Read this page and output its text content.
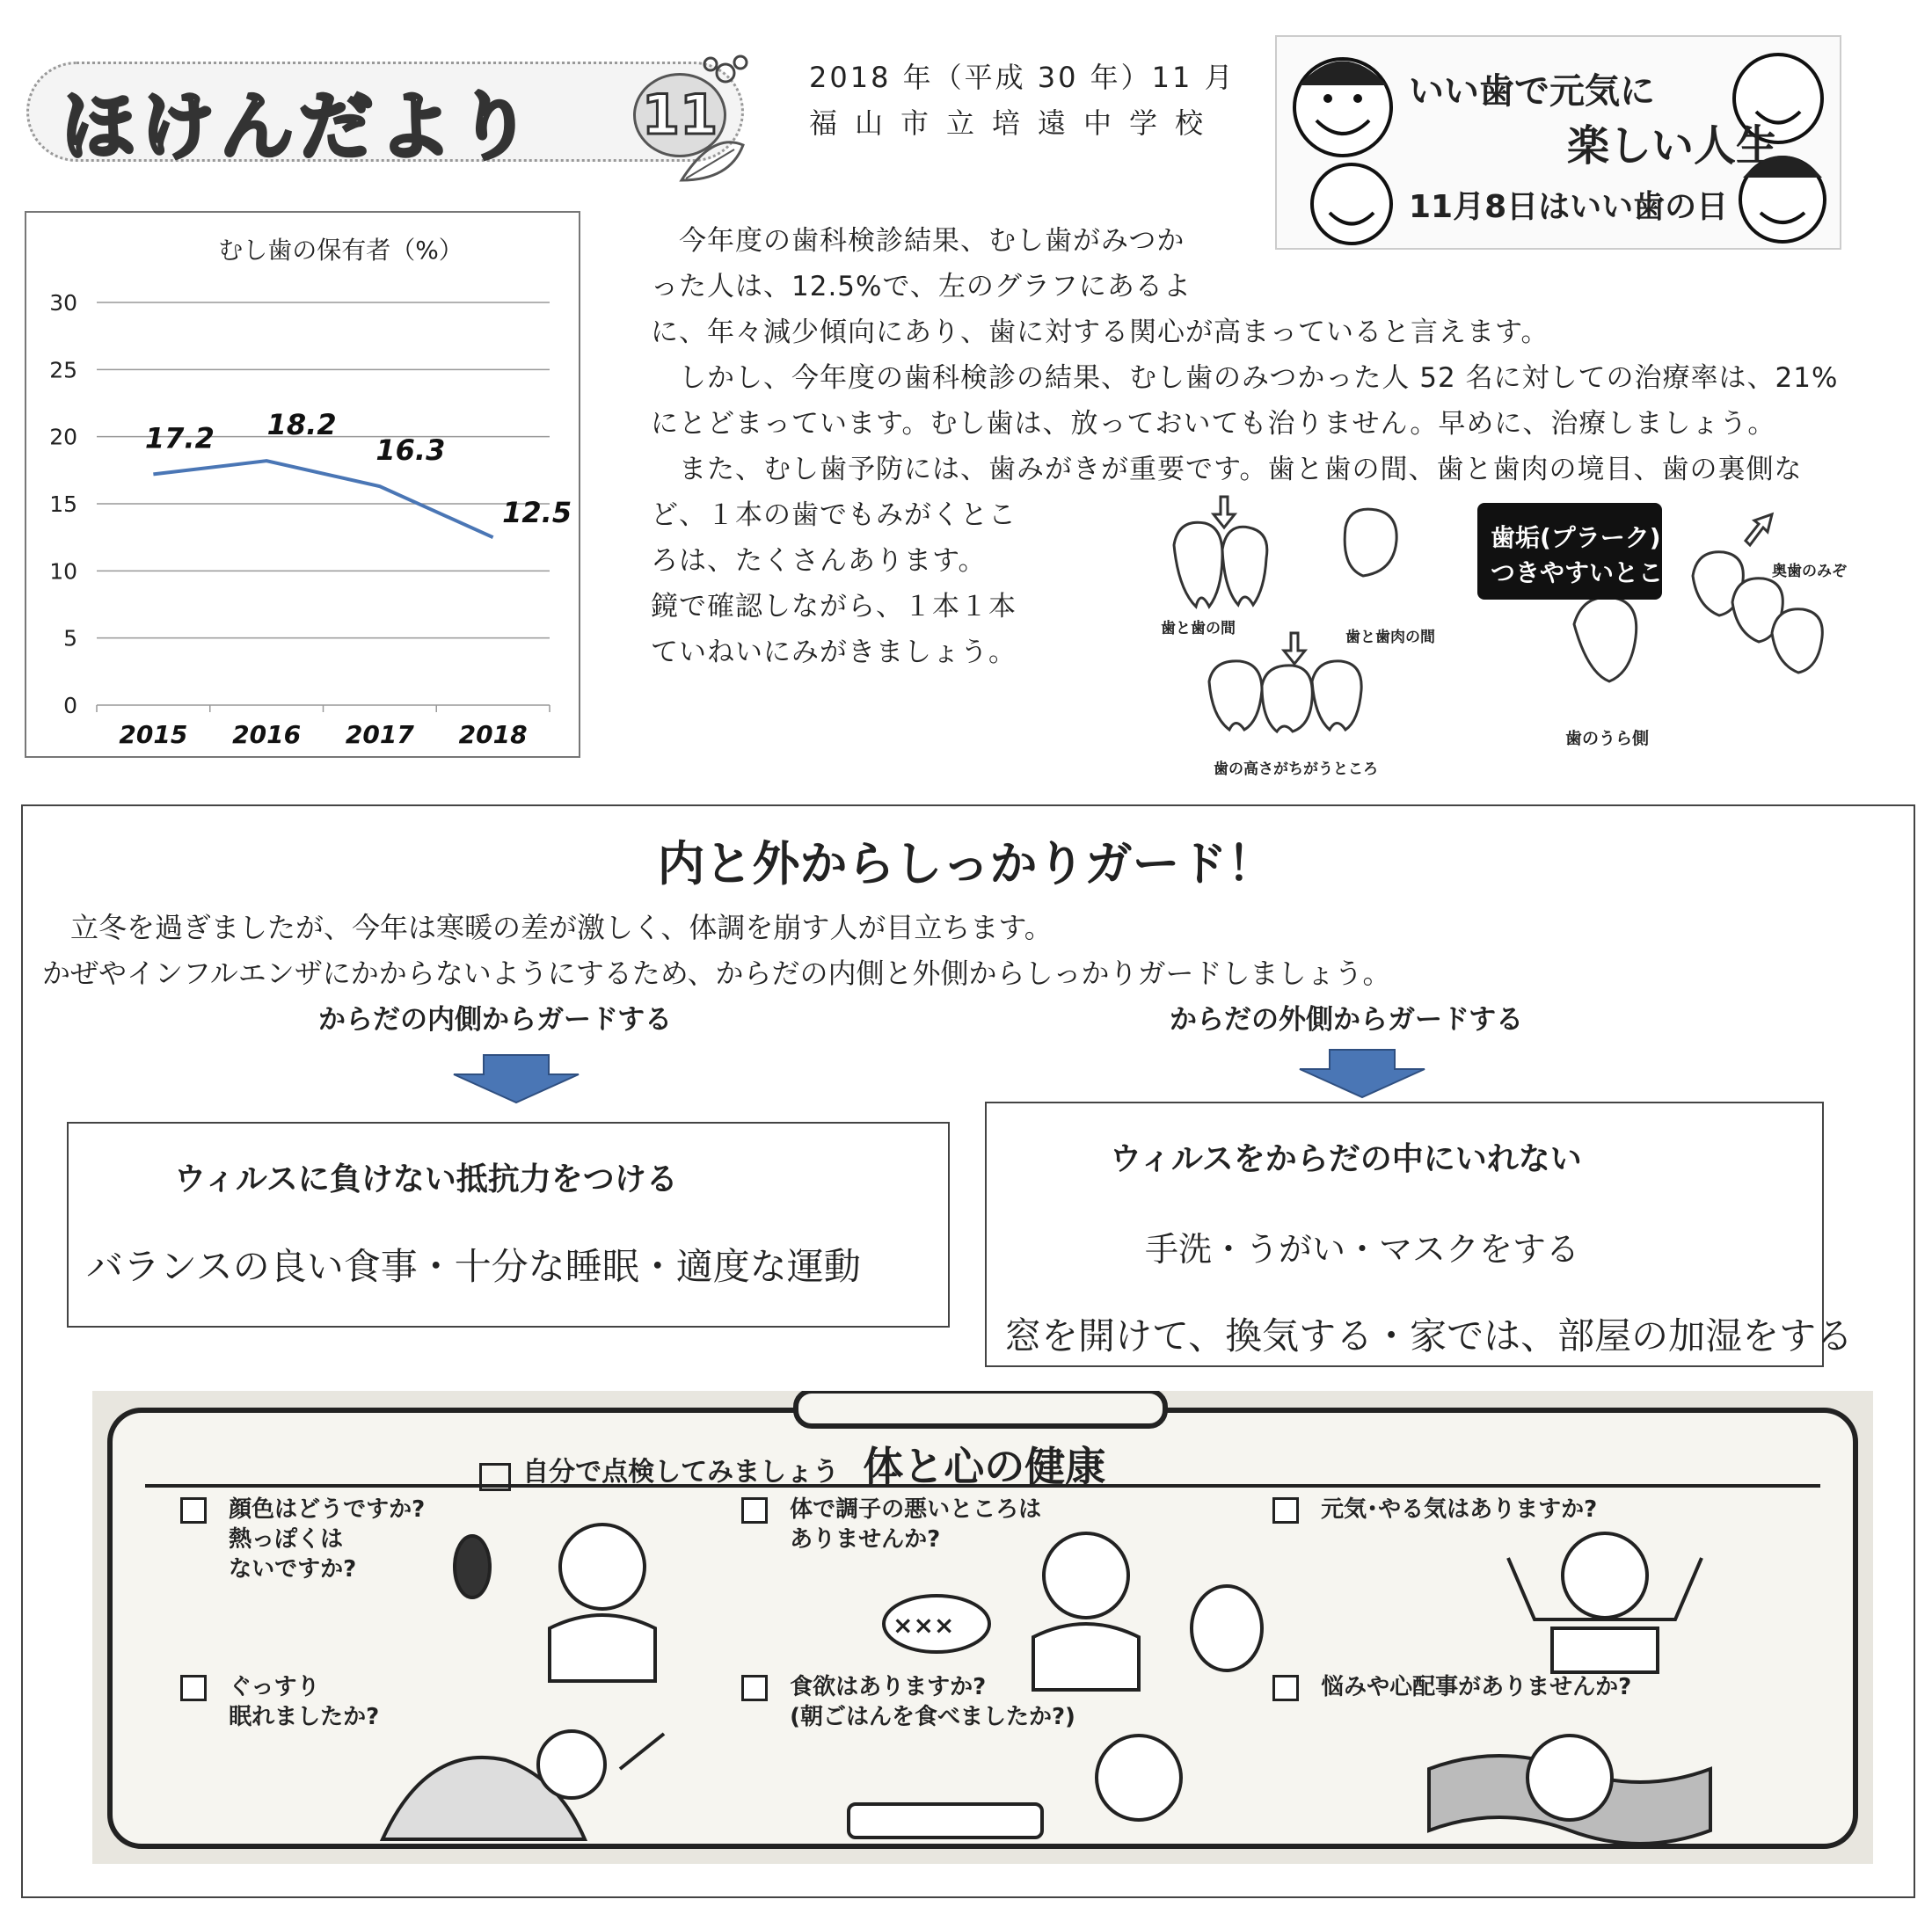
ほけんだより 11
2018 年（平成 30 年）11 月
福山市立培遠中学校
いい歯で元気に
楽しい人生
11月8日はいい歯の日
むし歯の保有者（%）
0
5
10
15
20
25
30
2015 2016 2017 2018
17.2 18.2
16.3
12.5
今年度の歯科検診結果、むし歯がみつか
った人は、12.5%で、左のグラフにあるよ
に、年々減少傾向にあり、歯に対する関心が高まっていると言えます。
しかし、今年度の歯科検診の結果、むし歯のみつかった人 52 名に対しての治療率は、21%
にとどまっています。むし歯は、放っておいても治りません。早めに、治療しましょう。
また、むし歯予防には、歯みがきが重要です。歯と歯の間、歯と歯肉の境目、歯の裏側な
ど、１本の歯でもみがくとこ
ろは、たくさんあります。
鏡で確認しながら、１本１本
ていねいにみがきましょう。
歯と歯の間	歯と歯肉の間
歯の高さがちがうところ
歯垢(プラーク)の
つきやすいところ
歯のうら側
奥歯のみぞ
内と外からしっかりガード！
立冬を過ぎましたが、今年は寒暖の差が激しく、体調を崩す人が目立ちます。
かぜやインフルエンザにかからないようにするため、からだの内側と外側からしっかりガードしましょう。
からだの内側からガードする	からだの外側からガードする
ウィルスに負けない抵抗力をつける
バランスの良い食事・十分な睡眠・適度な運動
ウィルスをからだの中にいれない
手洗・うがい・マスクをする
窓を開けて、換気する・家では、部屋の加湿をする
自分で点検してみましょう 体と心の健康
×××

顔色はどうですか?
熱っぽくは
ないですか?

体で調子の悪いところは
ありませんか?

元気･やる気はありますか?

ぐっすり
眠れましたか?

食欲はありますか?
(朝ごはんを食べましたか?)

悩みや心配事がありませんか?
